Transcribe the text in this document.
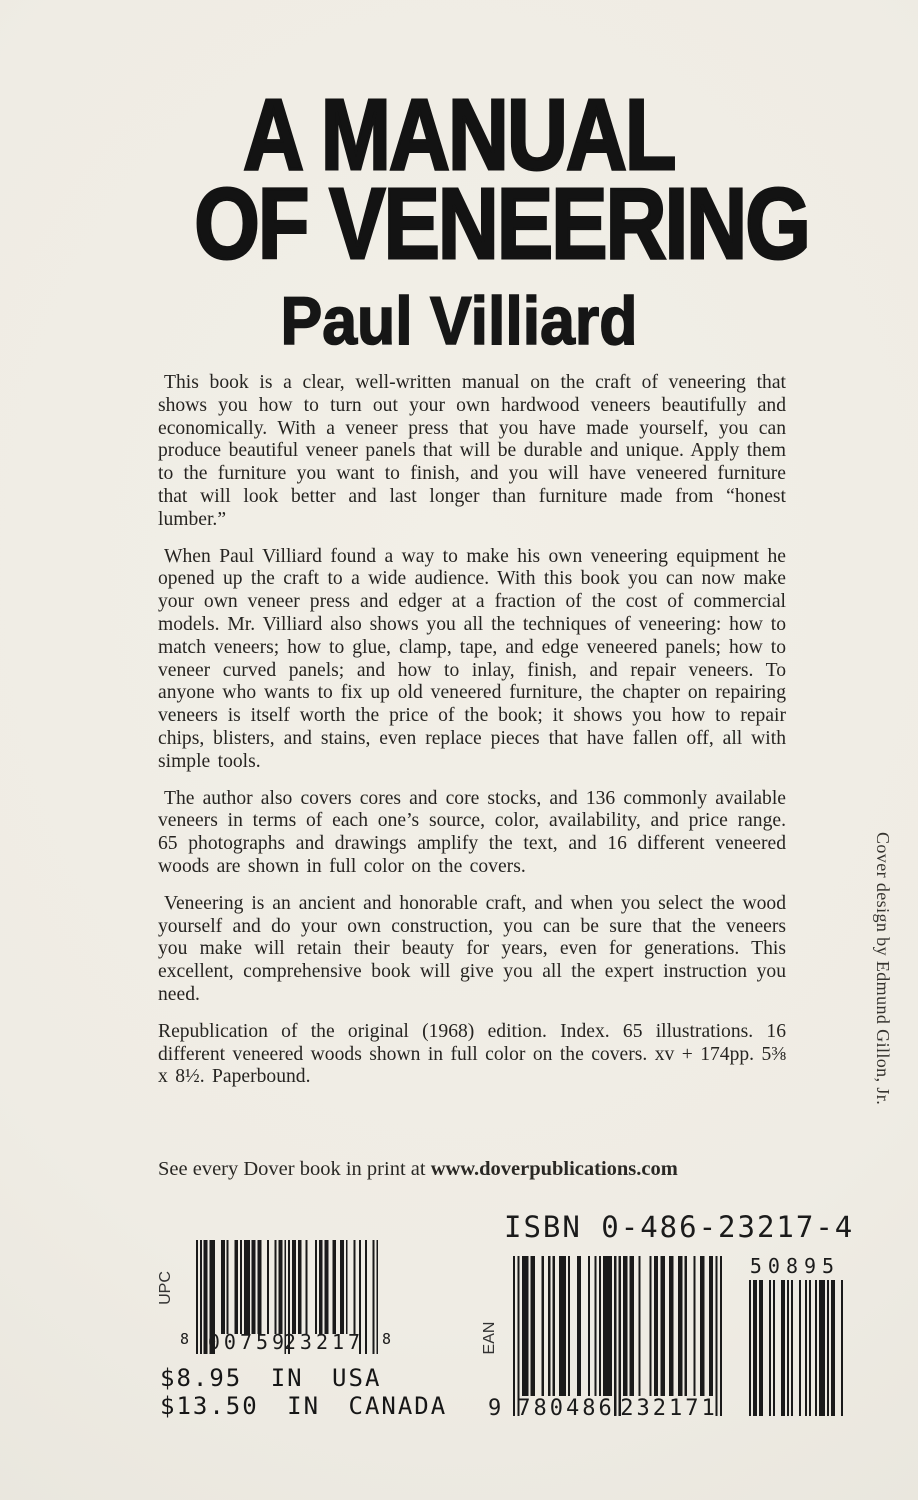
A MANUAL
OF VENEERING
Paul Villiard

This book is a clear, well-written manual on the craft of veneering that shows you how to turn out your own hardwood veneers beautifully and economically. With a veneer press that you have made yourself, you can produce beautiful veneer panels that will be durable and unique. Apply them to the furniture you want to finish, and you will have veneered furniture that will look better and last longer than furniture made from “honest lumber.”

When Paul Villiard found a way to make his own veneering equipment he opened up the craft to a wide audience. With this book you can now make your own veneer press and edger at a fraction of the cost of commercial models. Mr. Villiard also shows you all the techniques of veneering: how to match veneers; how to glue, clamp, tape, and edge veneered panels; how to veneer curved panels; and how to inlay, finish, and repair veneers. To anyone who wants to fix up old veneered furniture, the chapter on repairing veneers is itself worth the price of the book; it shows you how to repair chips, blisters, and stains, even replace pieces that have fallen off, all with simple tools.

The author also covers cores and core stocks, and 136 commonly available veneers in terms of each one’s source, color, availability, and price range. 65 photographs and drawings amplify the text, and 16 different veneered woods are shown in full color on the covers.

Veneering is an ancient and honorable craft, and when you select the wood yourself and do your own construction, you can be sure that the veneers you make will retain their beauty for years, even for generations. This excellent, comprehensive book will give you all the expert instruction you need.

Republication of the original (1968) edition. Index. 65 illustrations. 16 different veneered woods shown in full color on the covers. xv + 174pp. 5⅜ x 8½. Paperbound.

See every Dover book in print at www.doverpublications.com
ISBN 0-486-23217-4
UPC
8 00759
23217 8
$8.95 IN USA
$13.50 IN CANADA
EAN
9 780486 232171
50895
Cover design by Edmund Gillon, Jr.
